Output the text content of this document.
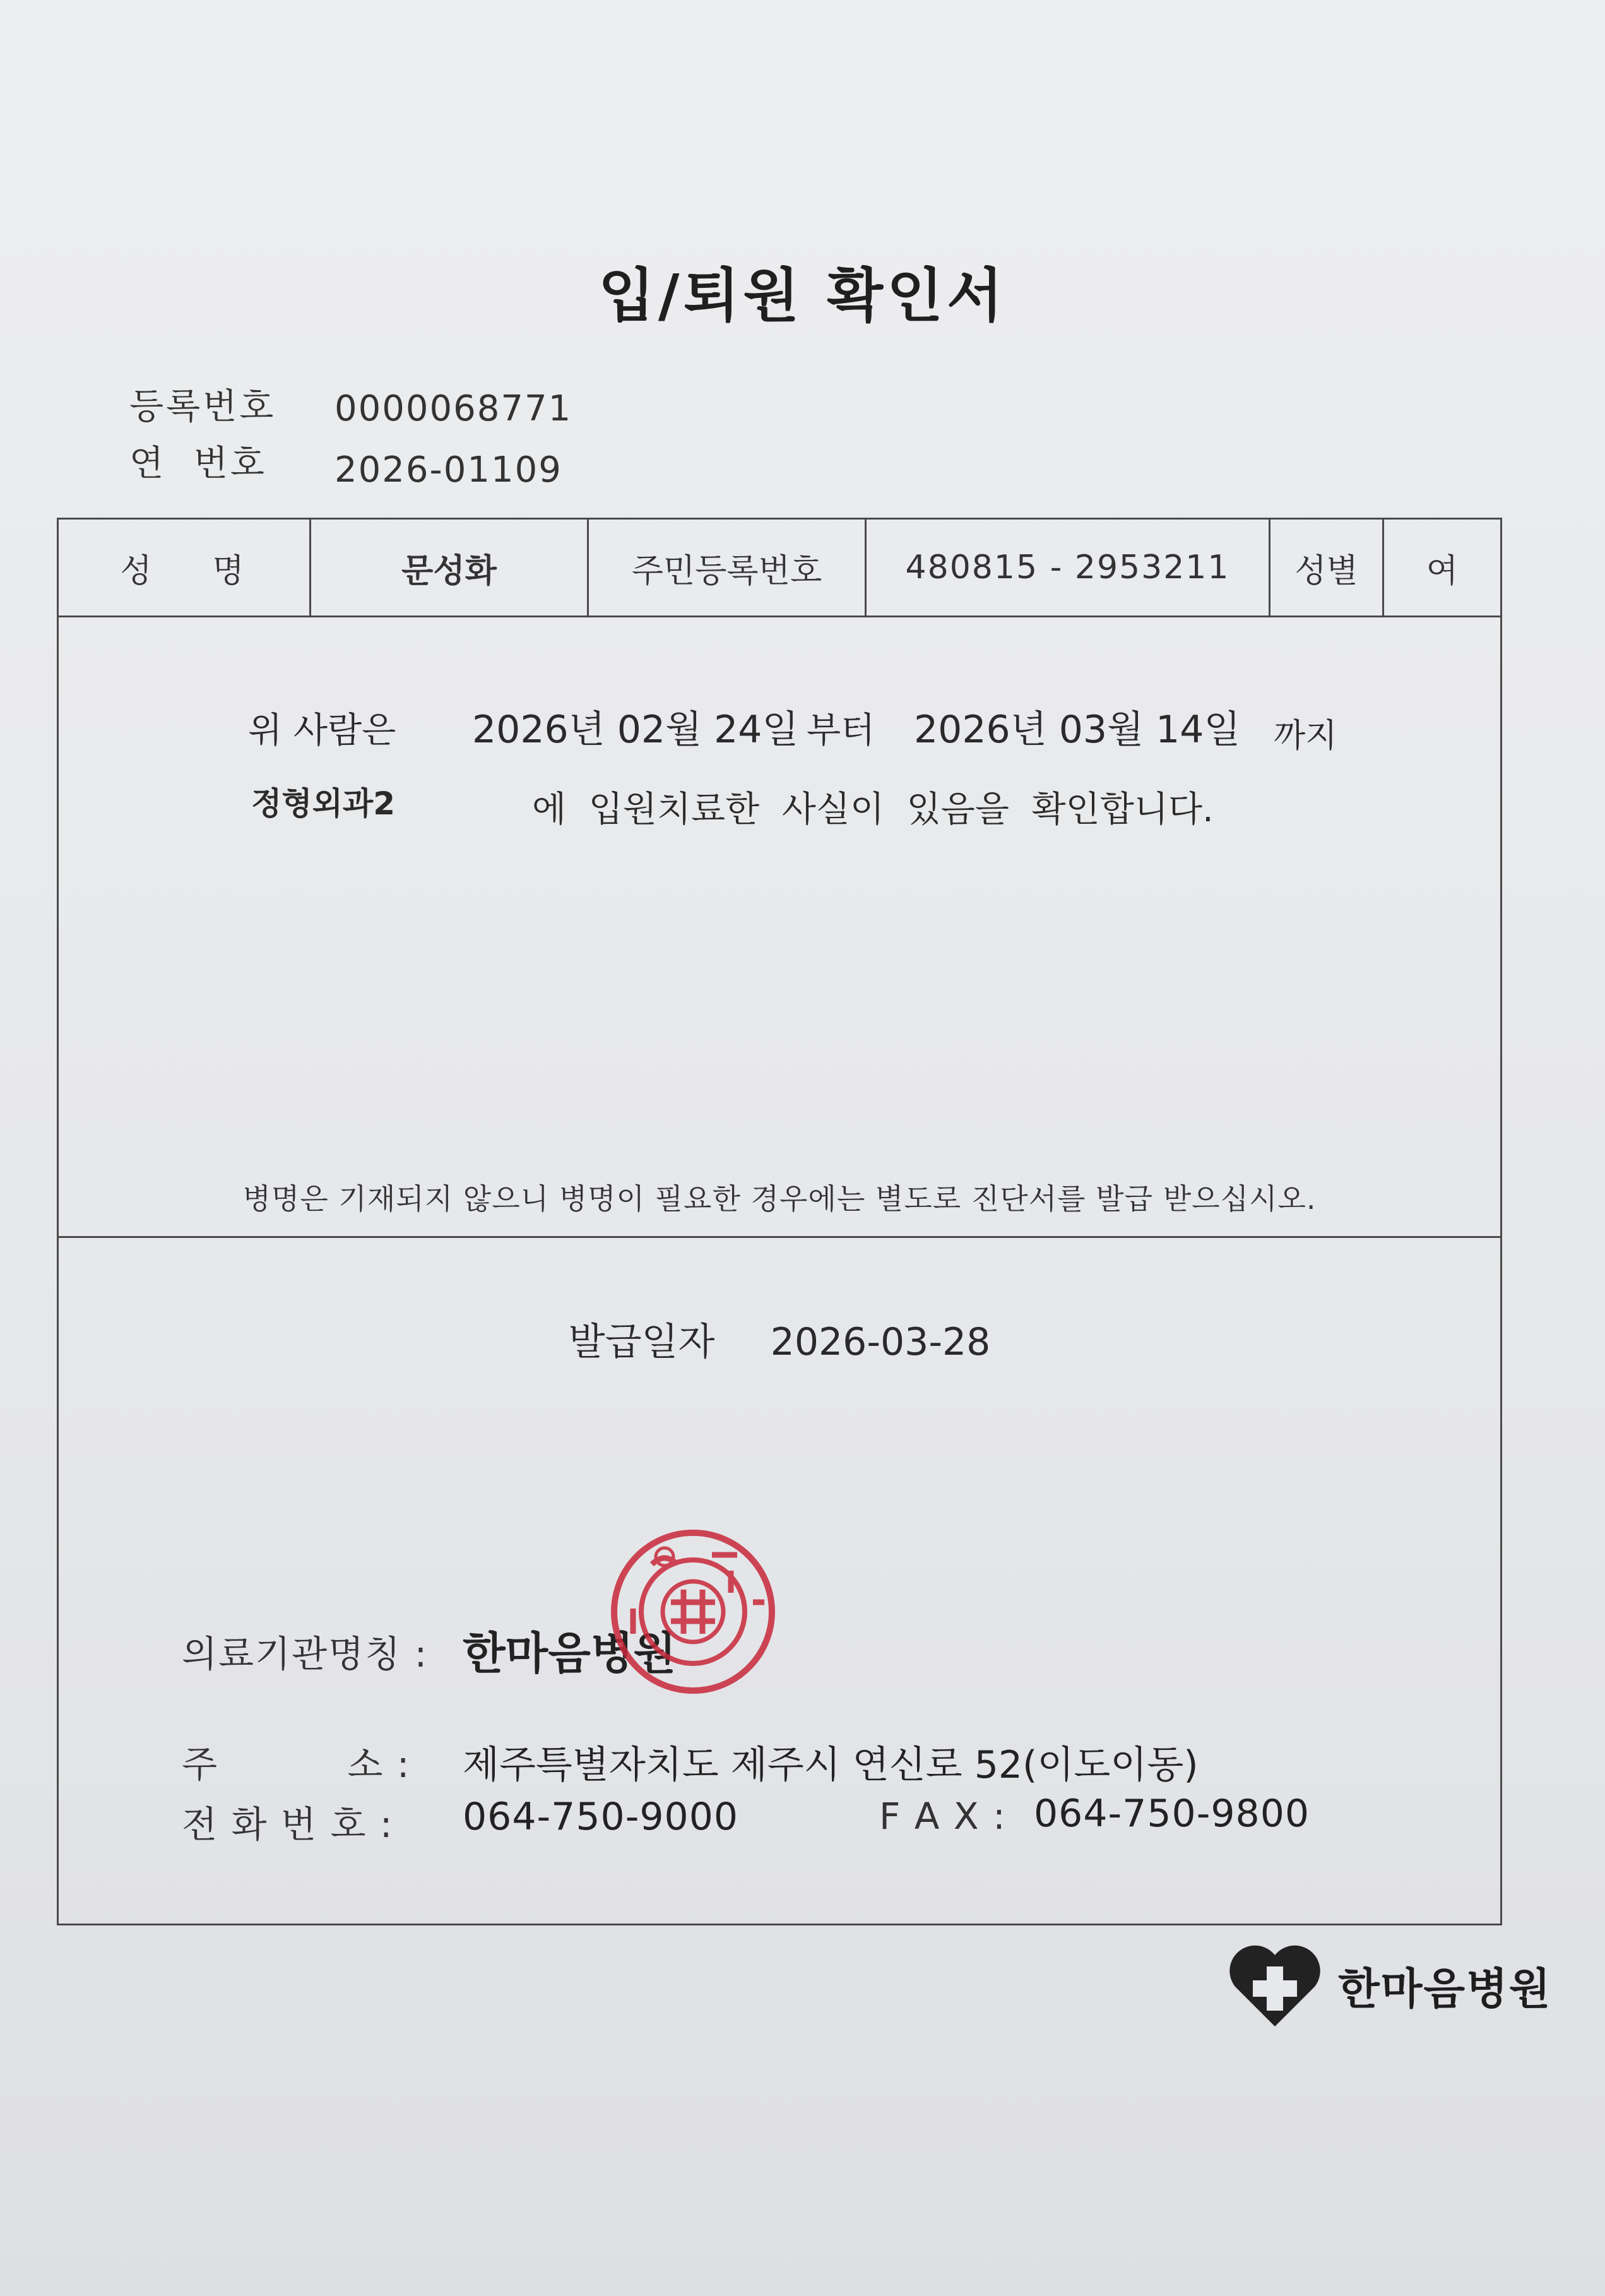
입/퇴원 확인서
등록번호 0000068771
연  번호 2026-01109
성    명	문성화	주민등록번호	480815 - 2953211	성별	여
위 사람은 2026년 02월 24일 부터 2026년 03월 14일 까지
정형외과2	에  입원치료한  사실이  있음을  확인합니다.
병명은 기재되지 않으니 병명이 필요한 경우에는 별도로 진단서를 발급 받으십시오.
발급일자 2026-03-28
의료기관명칭 : 한마음병원
주          소 : 제주특별자치도 제주시 연신로 52(이도이동)
전 화 번 호 : 064-750-9000	F A X : 064-750-9800
한마음병원
